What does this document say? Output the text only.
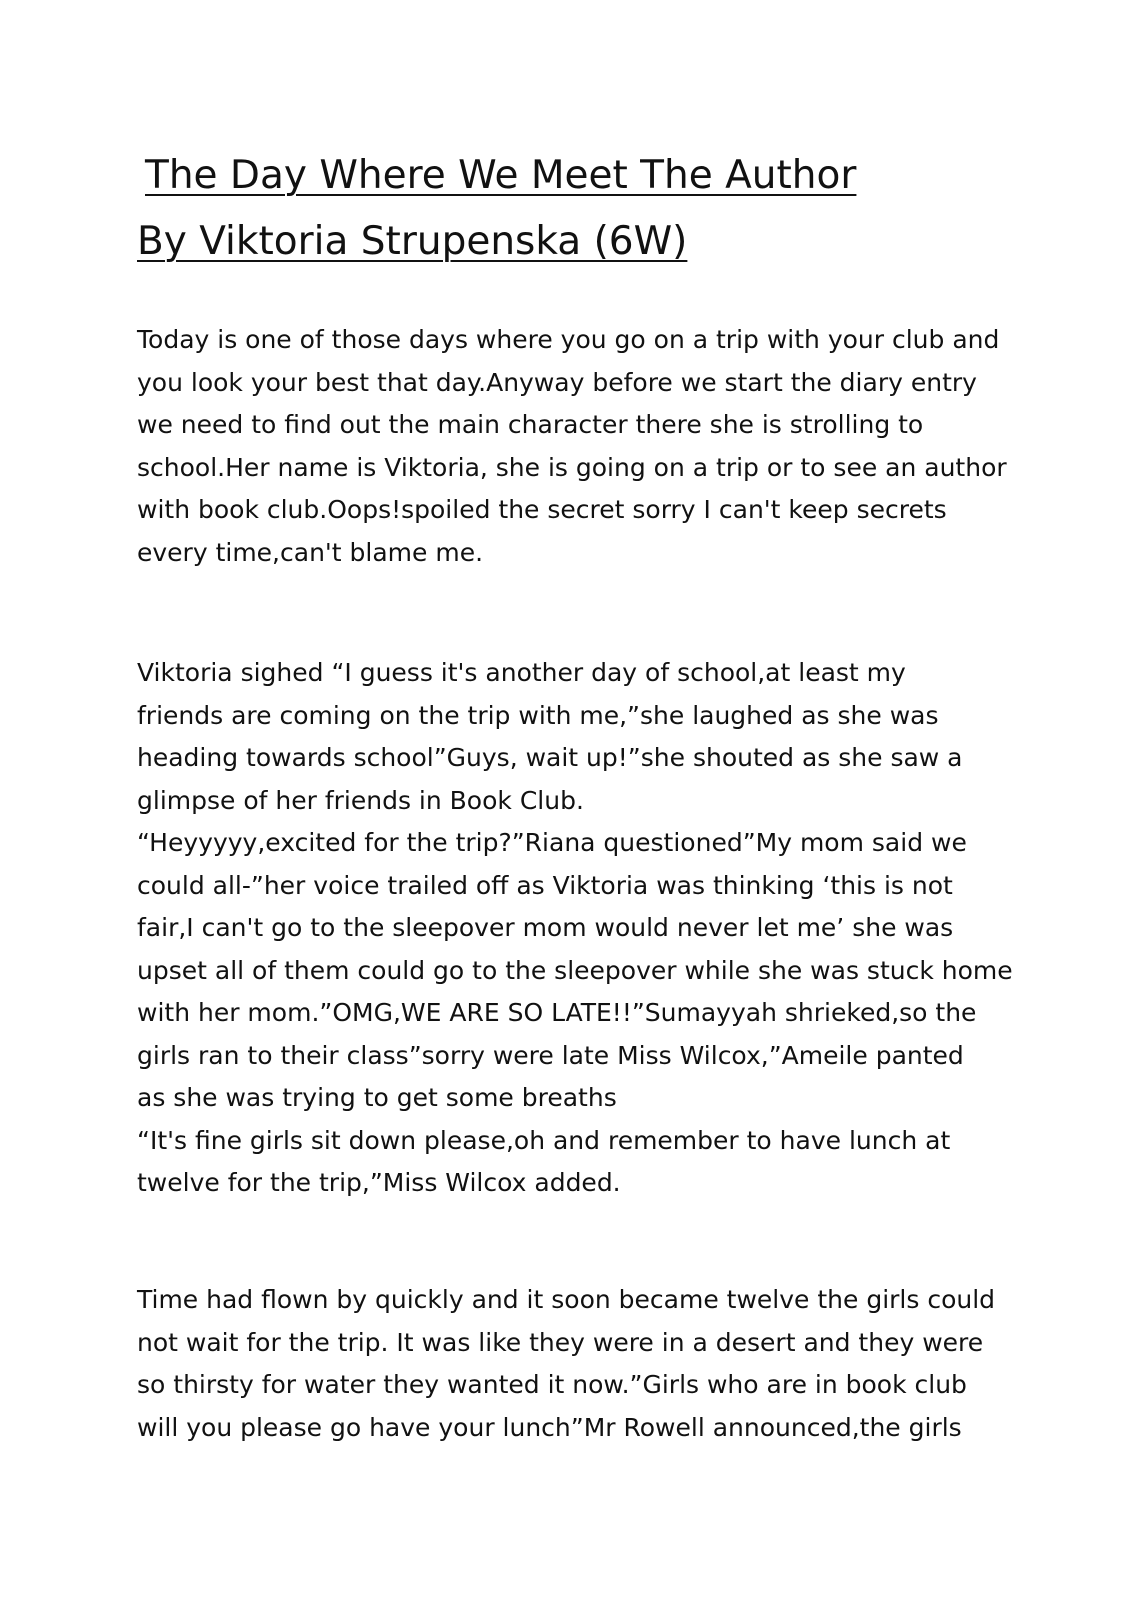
The Day Where We Meet The Author
By Viktoria Strupenska (6W)
Today is one of those days where you go on a trip with your club and
you look your best that day.Anyway before we start the diary entry
we need to find out the main character there she is strolling to
school.Her name is Viktoria, she is going on a trip or to see an author
with book club.Oops!spoiled the secret sorry I can't keep secrets
every time,can't blame me.
Viktoria sighed “I guess it's another day of school,at least my
friends are coming on the trip with me,”she laughed as she was
heading towards school”Guys, wait up!”she shouted as she saw a
glimpse of her friends in Book Club.
“Heyyyyy,excited for the trip?”Riana questioned”My mom said we
could all-”her voice trailed off as Viktoria was thinking ‘this is not
fair,I can't go to the sleepover mom would never let me’ she was
upset all of them could go to the sleepover while she was stuck home
with her mom.”OMG,WE ARE SO LATE!!”Sumayyah shrieked,so the
girls ran to their class”sorry were late Miss Wilcox,”Ameile panted
as she was trying to get some breaths
“It's fine girls sit down please,oh and remember to have lunch at
twelve for the trip,”Miss Wilcox added.
Time had flown by quickly and it soon became twelve the girls could
not wait for the trip. It was like they were in a desert and they were
so thirsty for water they wanted it now.”Girls who are in book club
will you please go have your lunch”Mr Rowell announced,the girls
